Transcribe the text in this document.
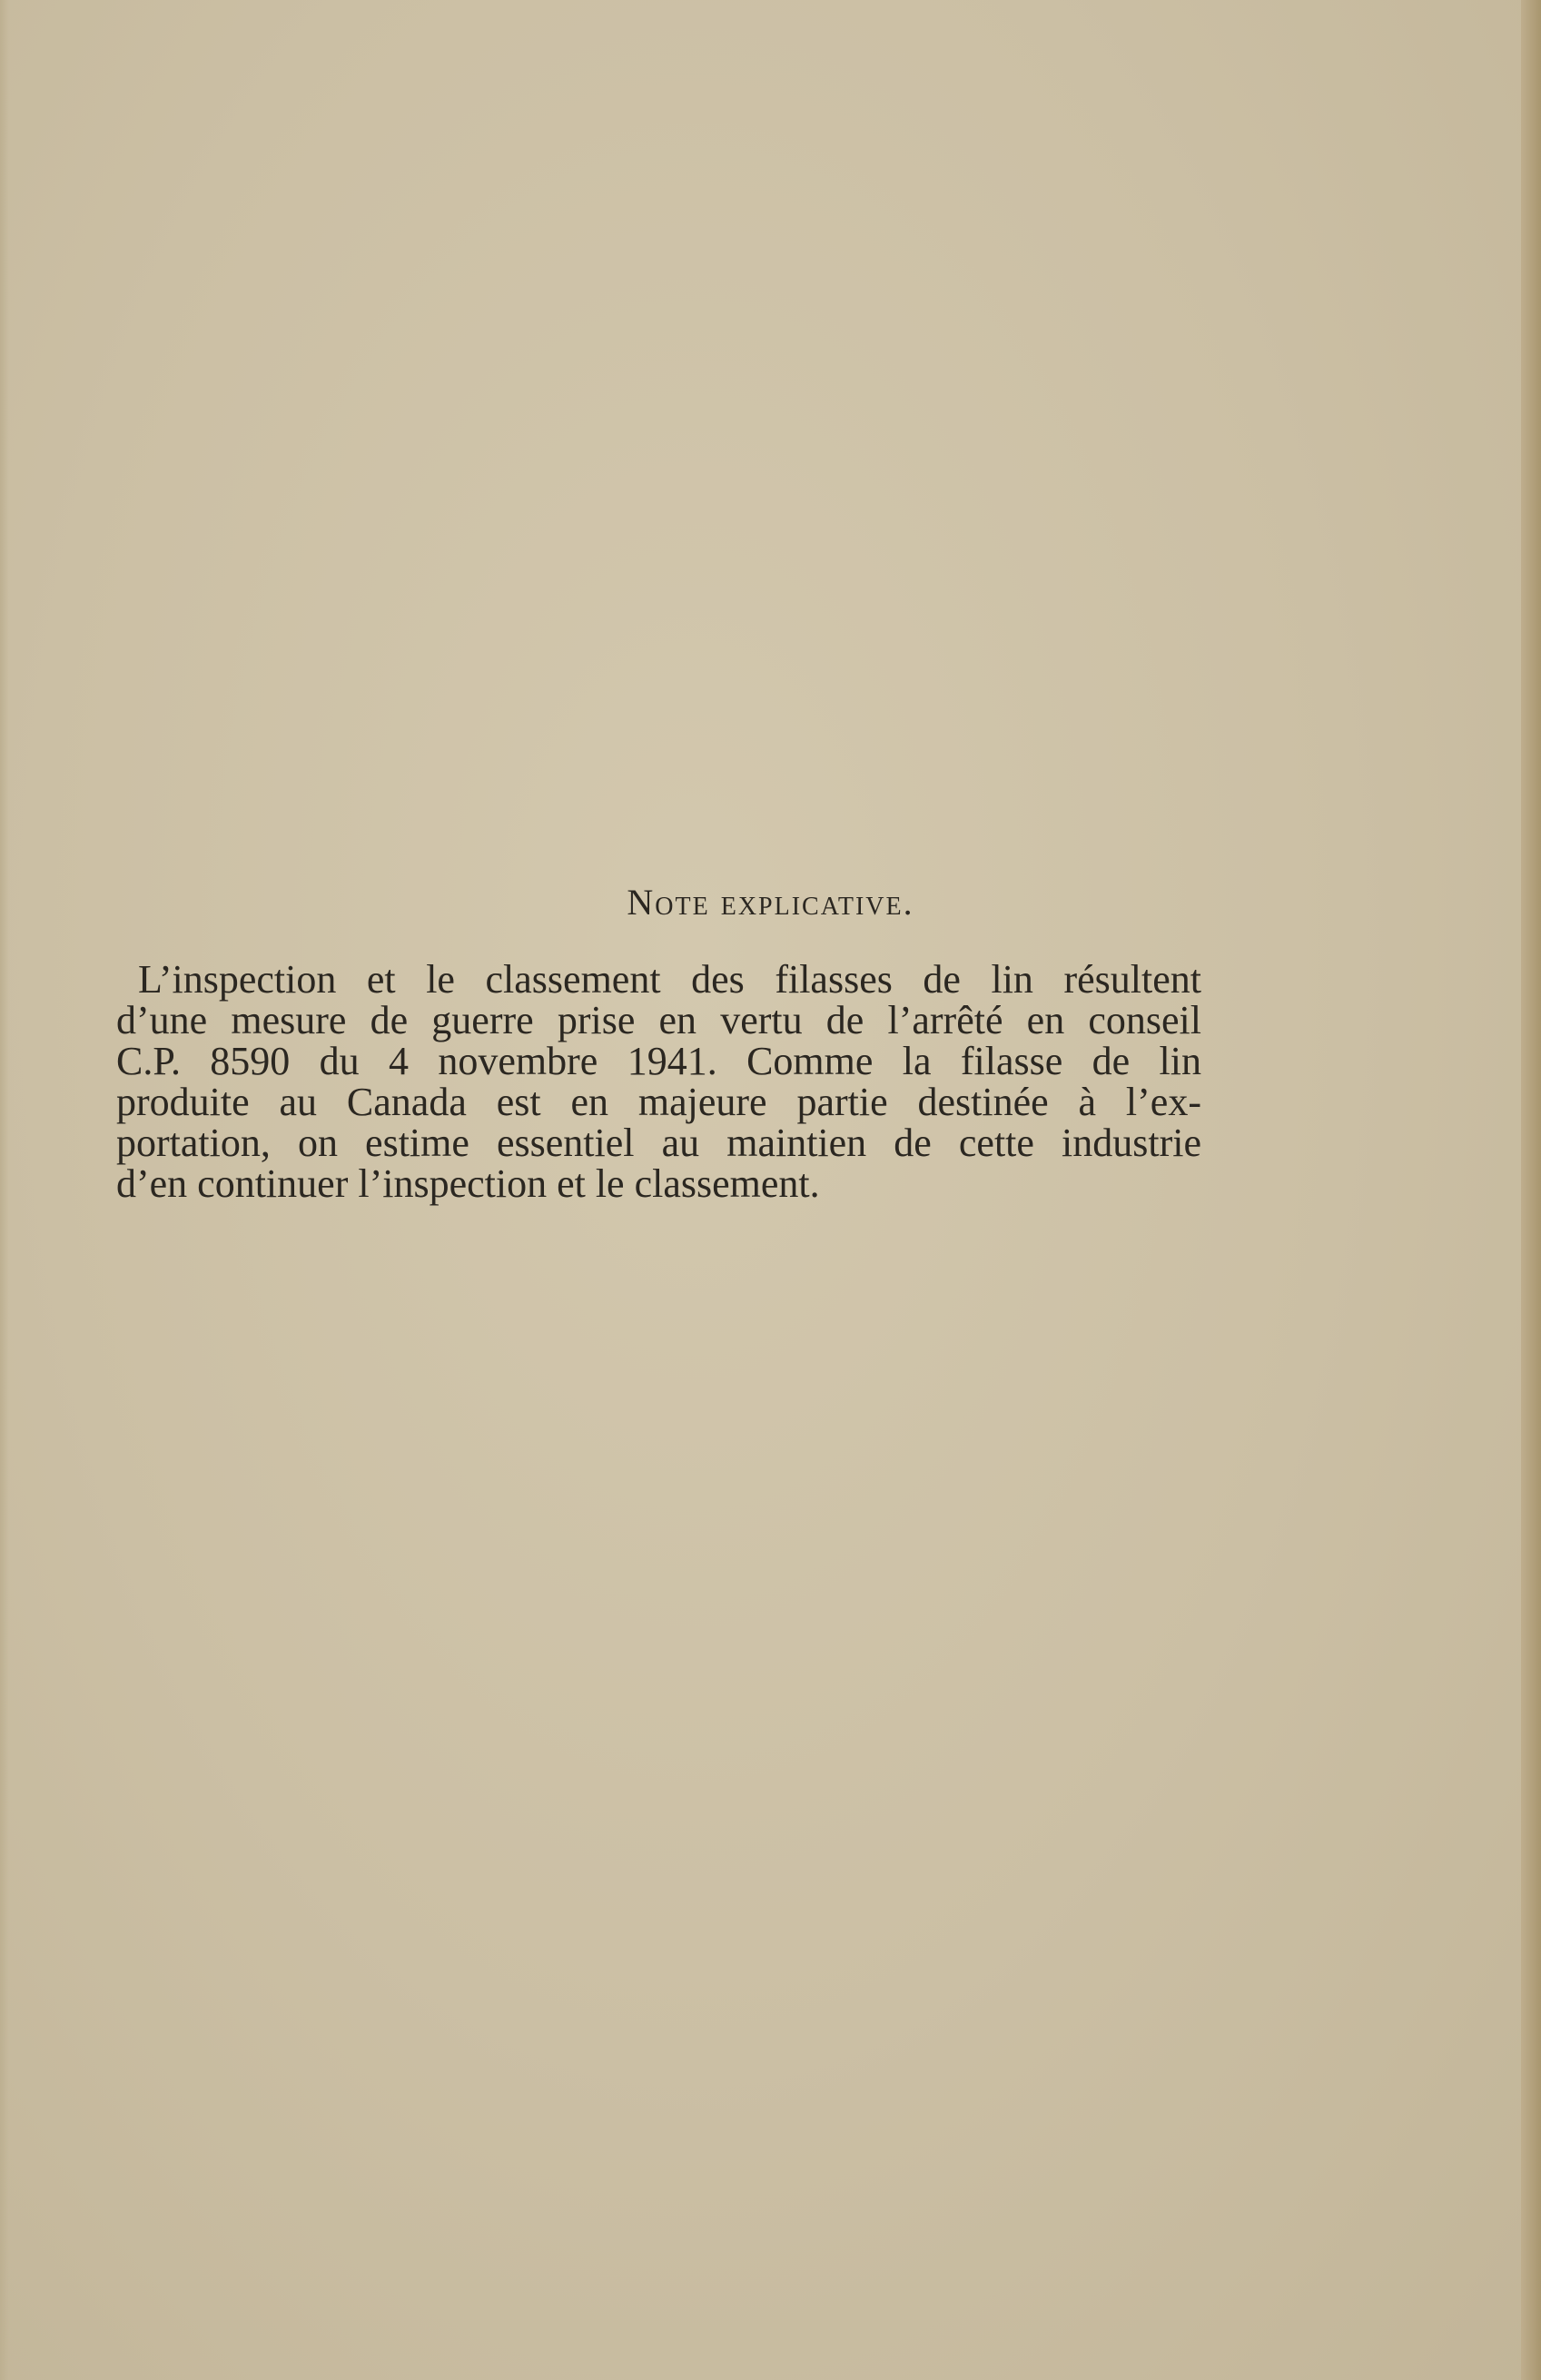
Note explicative.
L’inspection et le classement des filasses de lin résultent
d’une mesure de guerre prise en vertu de l’arrêté en conseil
C.P. 8590 du 4 novembre 1941. Comme la filasse de lin
produite au Canada est en majeure partie destinée à l’ex-
portation, on estime essentiel au maintien de cette industrie
d’en continuer l’inspection et le classement.
